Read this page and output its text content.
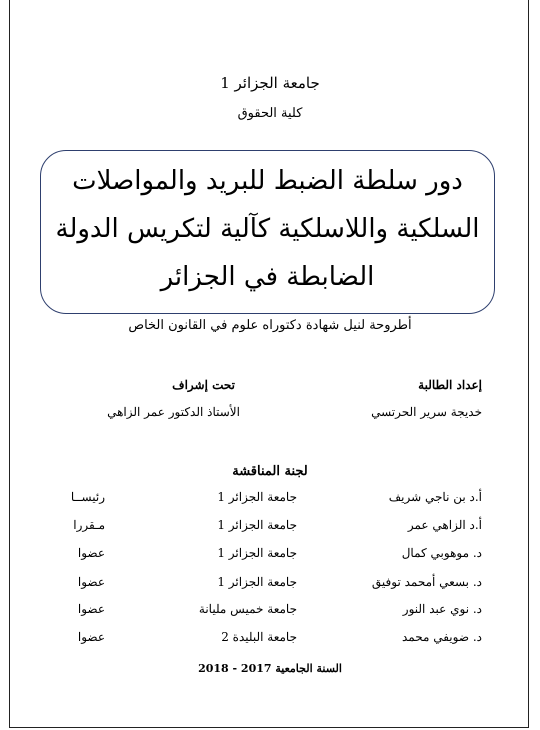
جامعة الجزائر 1
كلية الحقوق
دور سلطة الضبط للبريد والمواصلات
السلكية واللاسلكية كآلية لتكريس الدولة
الضابطة في الجزائر
أطروحة لنيل شهادة دكتوراه علوم في القانون الخاص
إعداد الطالبة
خديجة سرير الحرتسي
تحت إشراف
الأستاذ الدكتور عمر الزاهي
لجنة المناقشة
أ.د بن ناجي شريف
جامعة الجزائر 1
رئيســا
أ.د الزاهي عمر
جامعة الجزائر 1
مـقررا
د. موهوبي كمال
جامعة الجزائر 1
عضوا
د. بسعي أمحمد توفيق
جامعة الجزائر 1
عضوا
د. نوي عبد النور
جامعة خميس مليانة
عضوا
د. ضويفي محمد
جامعة البليدة 2
عضوا
السنة الجامعية 2017 - 2018
